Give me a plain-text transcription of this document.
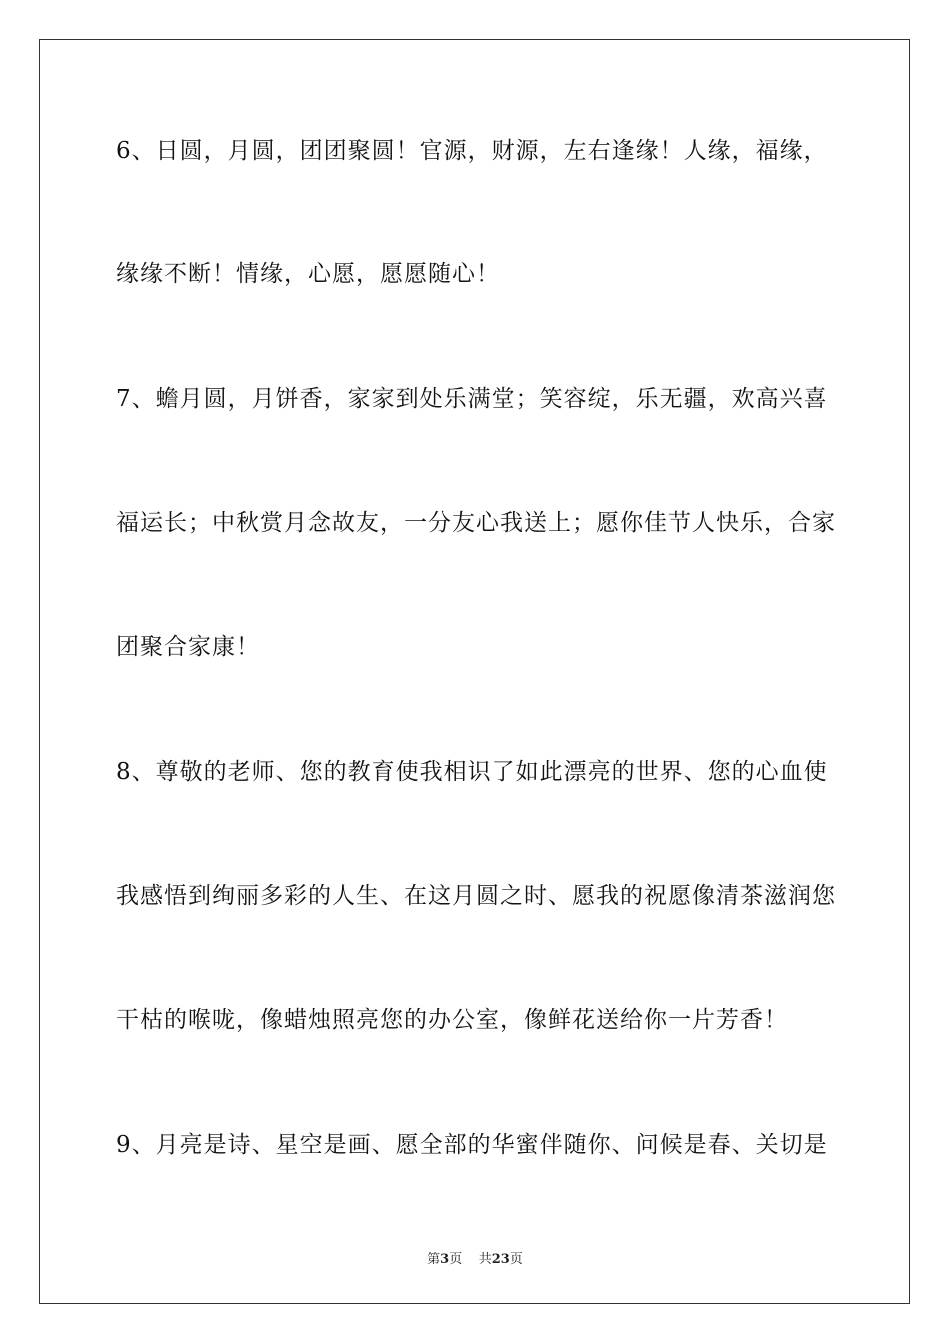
6、日圆，月圆，团团聚圆！官源，财源，左右逢缘！人缘，福缘，
缘缘不断！情缘，心愿，愿愿随心！
7、蟾月圆，月饼香，家家到处乐满堂；笑容绽，乐无疆，欢高兴喜
福运长；中秋赏月念故友，一分友心我送上；愿你佳节人快乐，合家
团聚合家康！
8、尊敬的老师、您的教育使我相识了如此漂亮的世界、您的心血使
我感悟到绚丽多彩的人生、在这月圆之时、愿我的祝愿像清茶滋润您
干枯的喉咙，像蜡烛照亮您的办公室，像鲜花送给你一片芳香！
9、月亮是诗、星空是画、愿全部的华蜜伴随你、问候是春、关切是
第3页 共23页
